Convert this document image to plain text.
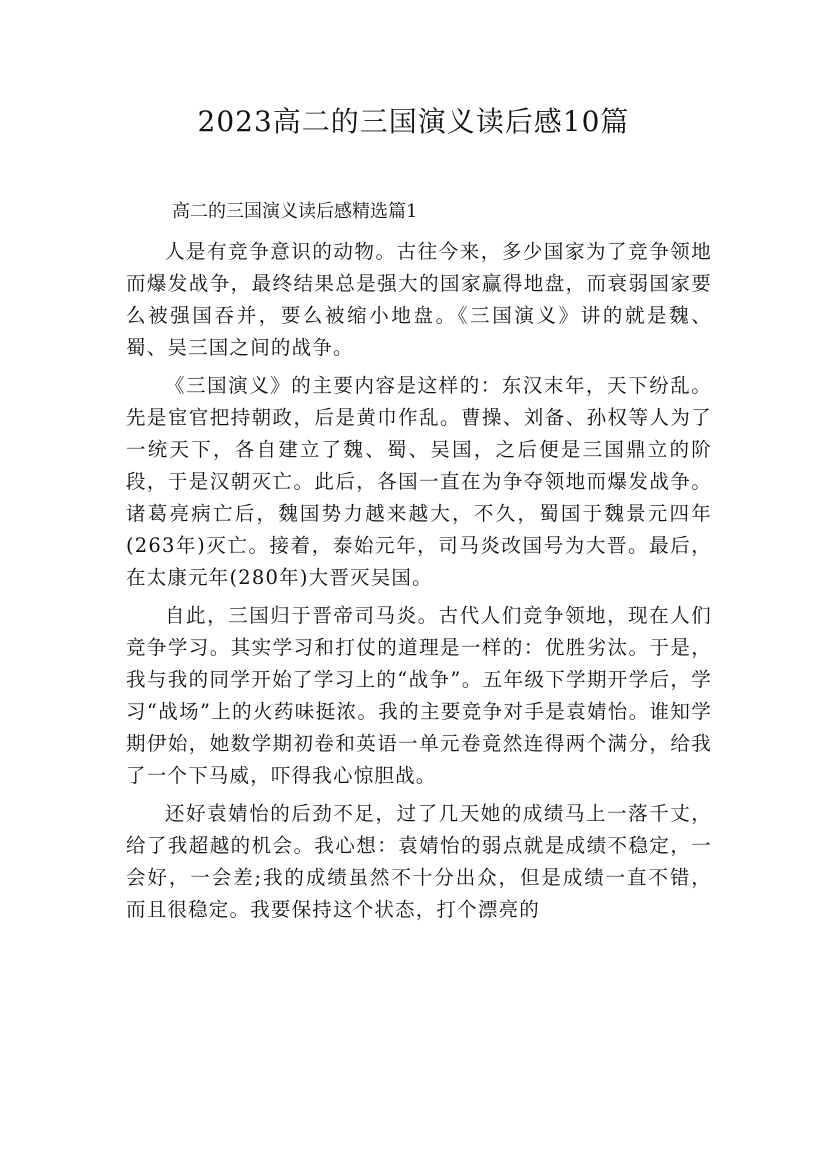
2023高二的三国演义读后感10篇
高二的三国演义读后感精选篇1

人是有竞争意识的动物。古往今来，多少国家为了竞争领地而爆发战争，最终结果总是强大的国家赢得地盘，而衰弱国家要么被强国吞并，要么被缩小地盘。《三国演义》讲的就是魏、蜀、吴三国之间的战争。

《三国演义》的主要内容是这样的：东汉末年，天下纷乱。先是宦官把持朝政，后是黄巾作乱。曹操、刘备、孙权等人为了一统天下，各自建立了魏、蜀、吴国，之后便是三国鼎立的阶段，于是汉朝灭亡。此后，各国一直在为争夺领地而爆发战争。诸葛亮病亡后，魏国势力越来越大，不久，蜀国于魏景元四年(263年)灭亡。接着，泰始元年，司马炎改国号为大晋。最后，在太康元年(280年)大晋灭吴国。

自此，三国归于晋帝司马炎。古代人们竞争领地，现在人们竞争学习。其实学习和打仗的道理是一样的：优胜劣汰。于是，我与我的同学开始了学习上的“战争”。五年级下学期开学后，学习“战场”上的火药味挺浓。我的主要竞争对手是袁婧怡。谁知学期伊始，她数学期初卷和英语一单元卷竟然连得两个满分，给我了一个下马威，吓得我心惊胆战。

还好袁婧怡的后劲不足，过了几天她的成绩马上一落千丈，给了我超越的机会。我心想：袁婧怡的弱点就是成绩不稳定，一会好，一会差;我的成绩虽然不十分出众，但是成绩一直不错，而且很稳定。我要保持这个状态，打个漂亮的
